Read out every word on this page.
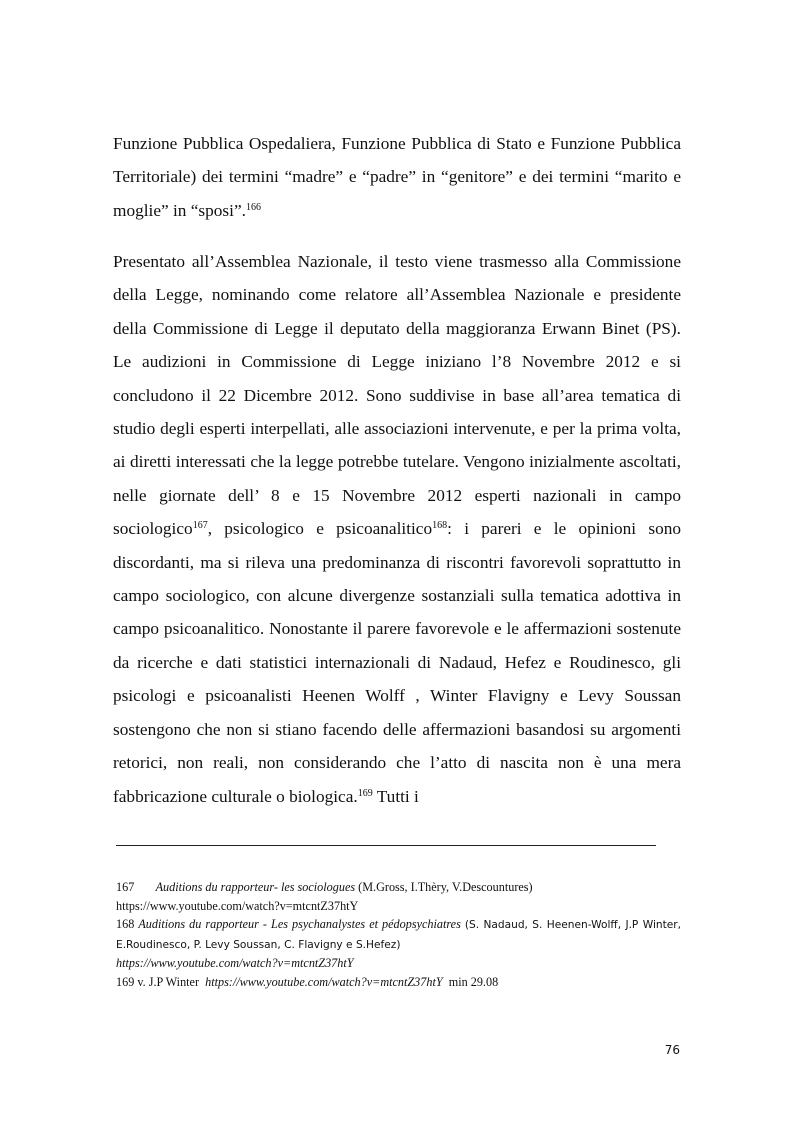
Funzione Pubblica Ospedaliera, Funzione Pubblica di Stato e Funzione Pubblica Territoriale) dei termini “madre” e “padre” in “genitore” e dei termini “marito e moglie” in “sposi”.$^{166}$

Presentato all’Assemblea Nazionale, il testo viene trasmesso alla Commissione della Legge, nominando come relatore all’Assemblea Nazionale e presidente della Commissione di Legge il deputato della maggioranza Erwann Binet (PS). Le audizioni in Commissione di Legge iniziano l’8 Novembre 2012 e si concludono il 22 Dicembre 2012. Sono suddivise in base all’area tematica di studio degli esperti interpellati, alle associazioni intervenute, e per la prima volta, ai diretti interessati che la legge potrebbe tutelare. Vengono inizialmente ascoltati, nelle giornate dell’ 8 e 15 Novembre 2012 esperti nazionali in campo sociologico$^{167}$, psicologico e psicoanalitico$^{168}$: i pareri e le opinioni sono discordanti, ma si rileva una predominanza di riscontri favorevoli soprattutto in campo sociologico, con alcune divergenze sostanziali sulla tematica adottiva in campo psicoanalitico. Nonostante il parere favorevole e le affermazioni sostenute da ricerche e dati statistici internazionali di Nadaud, Hefez e Roudinesco, gli psicologi e psicoanalisti Heenen Wolff , Winter Flavigny e Levy Soussan sostengono che non si stiano facendo delle affermazioni basandosi su argomenti retorici, non reali, non considerando che l’atto di nascita non è una mera fabbricazione culturale o biologica.$^{169}$ Tutti i

167 Auditions du rapporteur- les sociologues (M.Gross, I.Thèry, V.Descountures)
https://www.youtube.com/watch?v=mtcntZ37htY

168 Auditions du rapporteur - Les psychanalystes et pédopsychiatres (S. Nadaud, S. Heenen-Wolff, J.P Winter, E.Roudinesco, P. Levy Soussan, C. Flavigny e S.Hefez)
https://www.youtube.com/watch?v=mtcntZ37htY

169 v. J.P Winter https://www.youtube.com/watch?v=mtcntZ37htY min 29.08

76
